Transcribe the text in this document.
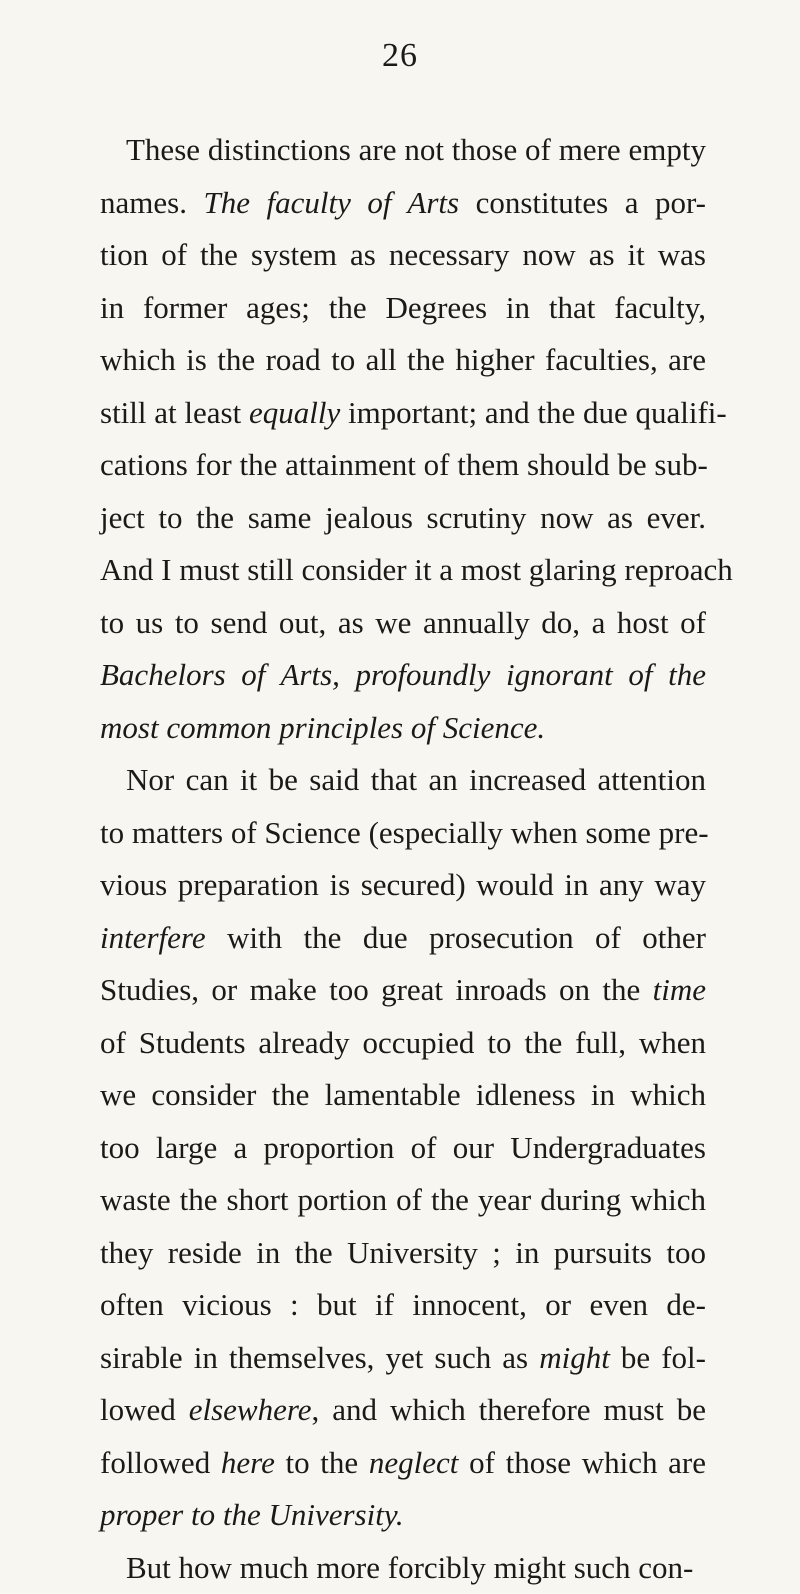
26
These distinctions are not those of mere empty
names. The faculty of Arts constitutes a por-
tion of the system as necessary now as it was
in former ages; the Degrees in that faculty,
which is the road to all the higher faculties, are
still at least equally important; and the due qualifi-
cations for the attainment of them should be sub-
ject to the same jealous scrutiny now as ever.
And I must still consider it a most glaring reproach
to us to send out, as we annually do, a host of
Bachelors of Arts, profoundly ignorant of the
most common principles of Science.
Nor can it be said that an increased attention
to matters of Science (especially when some pre-
vious preparation is secured) would in any way
interfere with the due prosecution of other
Studies, or make too great inroads on the time
of Students already occupied to the full, when
we consider the lamentable idleness in which
too large a proportion of our Undergraduates
waste the short portion of the year during which
they reside in the University ; in pursuits too
often vicious : but if innocent, or even de-
sirable in themselves, yet such as might be fol-
lowed elsewhere, and which therefore must be
followed here to the neglect of those which are
proper to the University.
But how much more forcibly might such con-
